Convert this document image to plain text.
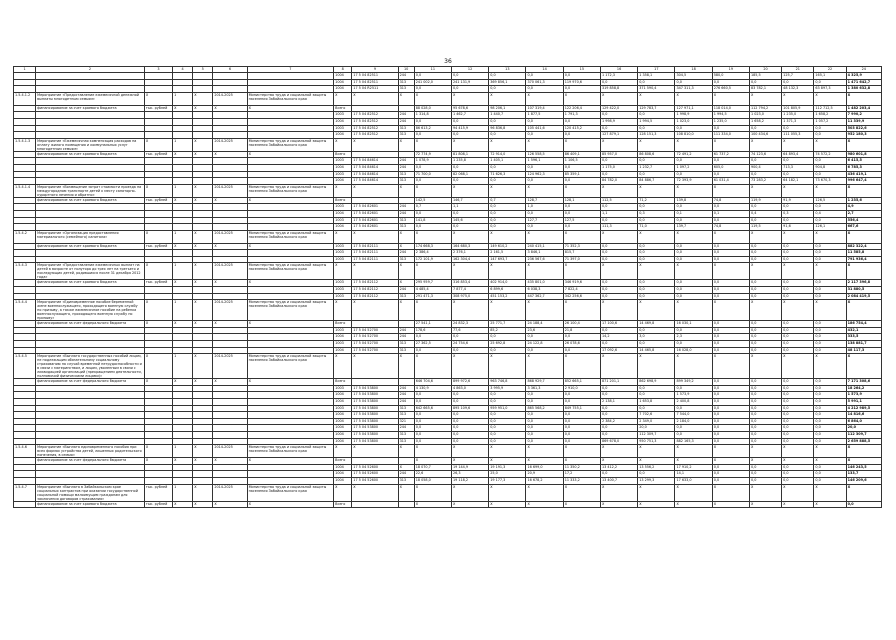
36
1	2	3	4	5	6	7	8	9	10	11	12	13	14	15	16	17	18	19	20	21	22	24
							1004	17 5 04 82511	244	0,0	0,0	0,0	0,0	0,0	1 172,3	1 358,1	304,5	580,0	185,5	125,7	165,1	4 325,9
							1004	17 5 04 82511	313	241 002,0	241 131,9	369 856,1	370 061,3	119 970,6	0,0	0,0	0,0	0,0	0,0	0,0	0,0	1 471 642,7
							1004	17 5 04 R2511	313	0,0	0,0	0,0	0,0	0,0	319 858,8	371 590,4	347 311,3	276 660,5	83 782,1	48 132,3	63 897,3	1 380 632,8
1.5.4.1.2	Мероприятие «Предоставление ежемесячной денежной выплаты многодетным семьям»	Х	1	Х	2014-2025	Министерство труда и социальной защиты населения Забайкальского края	Х	Х	Х	Х	Х	Х	Х	Х	Х	Х	Х	Х	Х	Х	Х	Х
	финансирование за счет краевого бюджета	тыс. рублей	Х	Х	Х	Х	Всего			88 028,0	95 678,6	98 206,1	107 319,4	122 206,4	129 422,0	129 783,7	127 971,1	118 014,0	112 794,2	101 805,9	112 712,5	1 482 203,4
							1003	17 5 04 82512	244	1 314,8	1 462,7	1 440,7	1 877,5	1 791,3	0,0	0,0	1 998,9	1 994,5	1 023,0	1 235,0	1 658,2	7 990,2
							1004	17 5 04 82512	244	0,0	0,0	0,0	0,0	0,0	1 998,9	1 994,5	1 023,0	1 235,0	1 658,2	1 371,3	1 057,2	11 339,9
							1003	17 5 04 82512	313	86 613,2	94 415,9	96 836,8	105 441,6	120 415,2	0,0	0,0	0,0	0,0	0,0	0,0	0,0	503 822,6
							1004	17 5 04 82512	313	0,0	0,0	0,0	0,0	0,0	127 879,1	128 151,3	108 810,0	111 334,0	100 434,6	111 055,3	0,0	952 180,3
1.5.4.1.3	Мероприятие «Ежемесячная компенсация расходов на оплату жилого помещения и коммунальных услуг многодетным семьям»	Х	1	Х	2014-2025	Министерство труда и социальной защиты населения Забайкальского края	Х	Х	Х	Х	Х	Х	Х	Х	Х	Х	Х	Х	Х	Х	Х	Х
	финансирование за счет краевого бюджета	тыс. рублей	Х	Х	Х	Х	Всего			72 774,9	81 808,1	72 914,0	126 558,5	86 409,1	85 957,0	86 808,6	72 491,2	61 737,2	74 123,6	64 893,4	74 572,2	980 601,8
							1003	17 5 04 84614	244	1 078,9	1 235,8	1 405,1	1 596,1	1 106,5	0,0	0,0	0,0	0,0	0,0	0,0	0,0	6 415,5
							1004	17 5 04 84614	244	0,0	0,0	0,0	0,0	0,0	1 175,0	1 232,7	1 097,2	605,0	900,4	713,3	904,8	6 785,3
							1003	17 5 04 84614	313	71 700,0	82 068,1	71 626,3	124 962,3	85 359,1	0,0	0,0	0,0	0,0	0,0	0,0	0,0	436 419,1
							1004	17 5 04 84614	313	0,0	0,0	0,0	0,0	0,0	84 782,0	84 886,7	72 393,9	61 031,4	73 283,2	64 182,1	73 670,3	996 647,4
1.5.4.1.4	Мероприятие «Возмещение затрат стоимости проезда на междугородном транспорте детей к месту санаторно-курортного лечения и обратно»	Х	1	Х	2014-2025	Министерство труда и социальной защиты населения Забайкальского края	Х	Х	Х	Х	Х	Х	Х	Х	Х	Х	Х	Х	Х	Х	Х	Х
	финансирование за счет краевого бюджета	тыс. рублей	Х	Х	Х	Х	Всего			142,5	146,7	0,7	128,7	128,1	112,5	71,2	139,8	74,8	119,9	91,9	126,5	1 235,6
							1003	17 5 04 82601	244	0,7	1,1	0,0	1,0	0,0	0,0	0,0	0,0	0,0	0,0	0,0	0,0	4,9
							1004	17 5 04 82601	244	0,0	0,0	0,0	0,0	0,0	1,1	0,3	0,1	0,1	0,4	0,3	0,4	2,7
							1003	17 5 04 82601	313	141,8	145,6	0,0	127,7	127,5	0,0	0,0	0,0	0,0	0,0	0,0	0,0	556,4
							1004	17 5 04 82601	313	0,0	0,0	0,0	0,0	0,0	111,3	71,0	139,7	74,8	119,5	91,6	126,1	667,6
1.5.4.2	Мероприятие «Организация предоставления материального (семейного) капитала»	Х	1	Х	2014-2025	Министерство труда и социальной защиты населения Забайкальского края	Х	Х	Х	Х	Х	Х	Х	Х	Х	Х	Х	Х	Х	Х	Х	Х
	финансирование за счет краевого бюджета	тыс. рублей	Х	Х	Х	Х	1003	17 5 04 82111	Х	174 668,3	164 680,3	149 610,2	240 415,1	71 352,3	0,0	0,0	0,0	0,0	0,0	0,0	0,0	882 322,4
							1003	17 5 04 82111	244	2 386,4	2 376,1	2 161,5	3 846,1	815,7	0,0	0,0	0,0	0,0	0,0	0,0	0,0	11 585,8
							1003	17 5 04 82111	313	172 101,9	162 304,4	147 693,7	236 567,6	71 397,0	0,0	0,0	0,0	0,0	0,0	0,0	0,0	791 936,4
1.5.4.3	Мероприятие «Предоставление ежемесячных выплат на детей в возрасте от полутора до трех лет на третьего и последующих детей, родившихся после 31 декабря 2012 года»	Х	1	Х	2014-2025	Министерство труда и социальной защиты населения Забайкальского края	Х	Х	Х	Х	Х	Х	Х	Х	Х	Х	Х	Х	Х	Х	Х	Х
	финансирование за счет краевого бюджета	тыс. рублей	Х	Х	Х	Х	1003	17 5 04 82112	Х	295 959,7	316 853,4	402 914,0	435 801,0	346 919,6	0,0	0,0	0,0	0,0	0,0	0,0	0,0	2 117 396,8
							1003	17 5 04 82112	244	4 485,4	7 877,4	6 899,6	6 038,3	7 822,4	0,0	0,0	0,0	0,0	0,0	0,0	0,0	31 880,5
							1003	17 5 04 82112	313	291 471,3	308 975,0	451 153,2	447 362,7	342 256,6	0,0	0,0	0,0	0,0	0,0	0,0	0,0	2 084 419,5
1.5.4.4	Мероприятие «Единовременное пособие беременной жене военнослужащего, проходящего военную службу по призыву, а также ежемесячное пособие на ребенка военнослужащего, проходящего военную службу по призыву»	Х	1	Х	2014-2025	Министерство труда и социальной защиты населения Забайкальского края	Х	Х	Х	Х	Х	Х	Х	Х	Х	Х	Х	Х	Х	Х	Х	Х
	финансирование за счет федерального бюджета	Х	Х	Х	Х	Х	Всего			27 541,1	24 832,3	25 771,7	24 188,4	26 100,4	17 100,6	14 469,8	16 030,1	0,0	0,0	0,0	0,0	186 754,4
							1003	17 5 04 52700	244	178,6	77,6	85,2	23,6	21,8	0,0	0,0	0,0	0,0	0,0	0,0	0,0	432,1
							1004	17 5 04 52700	244	0,0	0,0	0,0	0,0	0,0	14,2	3,0	2,3	0,0	0,0	0,0	0,0	333,5
							1003	17 5 04 52700	313	27 362,5	24 754,6	25 692,8	24 122,8	26 078,6	0,0	0,0	0,0	0,0	0,0	0,0	0,0	138 881,7
							1004	17 5 04 52700	313	0,0	0,0	0,0	0,0	0,0	17 092,6	14 465,8	16 028,0	0,0	0,0	0,0	0,0	48 117,3
1.5.4.5	Мероприятие «Выплата государственных пособий лицам, не подлежащим обязательному социальному страхованию на случай временной нетрудоспособности и в связи с материнством, и лицам, уволенным в связи с ликвидацией организаций (прекращением деятельности, полномочий физическими лицами)»	Х	1	Х	2014-2025	Министерство труда и социальной защиты населения Забайкальского края	Х	Х	Х	Х	Х	Х	Х	Х	Х	Х	Х	Х	Х	Х	Х	Х
	финансирование за счет федерального бюджета	Х	Х	Х	Х	Х	Всего			646 704,6	899 972,6	963 746,8	868 929,7	852 665,1	871 201,1	862 698,9	899 349,2	0,0	0,0	0,0	0,0	7 171 308,6
							1003	17 5 04 53800	244	4 130,9	4 863,0	3 995,9	3 361,3	2 910,0	0,0	0,0	0,0	0,0	0,0	0,0	0,0	18 264,2
							1004	17 5 04 53800	244	0,0	0,0	0,0	0,0	0,0	0,0	0,0	1 573,9	0,0	0,0	0,0	0,0	1 573,9
							1004	17 5 04 53800	244	0,0	0,0	0,0	0,0	0,0	2 138,1	1 653,8	2 400,8	0,0	0,0	0,0	0,0	5 991,1
							1003	17 5 04 53800	313	642 665,6	895 109,6	959 951,0	865 568,2	849 755,1	0,0	0,0	0,0	0,0	0,0	0,0	0,0	4 212 989,5
							1004	17 5 04 53800	313	0,0	0,0	0,0	0,0	0,0	0,0	7 702,6	7 544,0	0,0	0,0	0,0	0,0	14 816,6
							1004	17 5 04 53800	321	0,0	0,0	0,0	0,0	0,0	2 384,2	2 349,0	2 184,0	0,0	0,0	0,0	0,0	6 864,0
							1004	17 5 04 53800	244	0,0	0,0	0,0	0,0	0,0	0,0	20,0	0,0	0,0	0,0	0,0	0,0	20,0
							1004	17 5 04 53800	313	0,0	0,0	0,0	0,0	0,0	0,0	112 309,7	0,0	0,0	0,0	0,0	0,0	112 309,7
							1004	17 5 04 53800	313	0,0	0,0	0,0	0,0	0,0	869 678,0	950 751,3	882 165,3	0,0	0,0	0,0	0,0	2 659 888,5
1.5.4.6	Мероприятие «Выплата единовременного пособия при всех формах устройства детей, лишенных родительского попечения, в семью»	Х	1	Х	2014-2025	Министерство труда и социальной защиты населения Забайкальского края	Х	Х	Х	Х	Х	Х	Х	Х	Х	Х	Х	Х	Х	Х	Х	Х
	финансирование за счет федерального бюджета	Х	Х	Х	Х	Х	Всего			Х	Х	Х	Х	Х	Х	Х	Х	Х	Х	Х	Х	Х
							1004	17 5 04 52600	Х	18 070,7	19 144,9	19 191,3	16 699,0	11 350,2	13 412,2	13 556,2	17 910,2	0,0	0,0	0,0	0,0	146 243,5
							1004	17 5 04 52600	244	22,6	26,3	25,0	20,9	17,2	0,0	0,0	14,1	0,0	0,0	0,0	0,0	133,7
							1004	17 5 04 52600	313	18 058,0	19 118,2	19 177,3	16 678,2	11 333,2	13 400,7	13 299,3	17 633,0	0,0	0,0	0,0	0,0	146 209,6
1.5.4.7	Мероприятие «Выплата в Забайкальском крае социальных контрактов при оказании государственной социальной помощи малоимущим гражданам для заключения договоров страхования»	тыс. рублей	1	Х	2014-2025	Министерство труда и социальной защиты населения Забайкальского края	Х	Х	Х	Х	Х	Х	Х	Х	Х	Х	Х	Х	Х	Х	Х	Х
	финансирование за счет краевого бюджета	тыс. рублей	Х	Х	Х	Х	Всего			Х	Х	Х	Х	Х	Х	Х	Х	Х	Х	Х	Х	0,0
